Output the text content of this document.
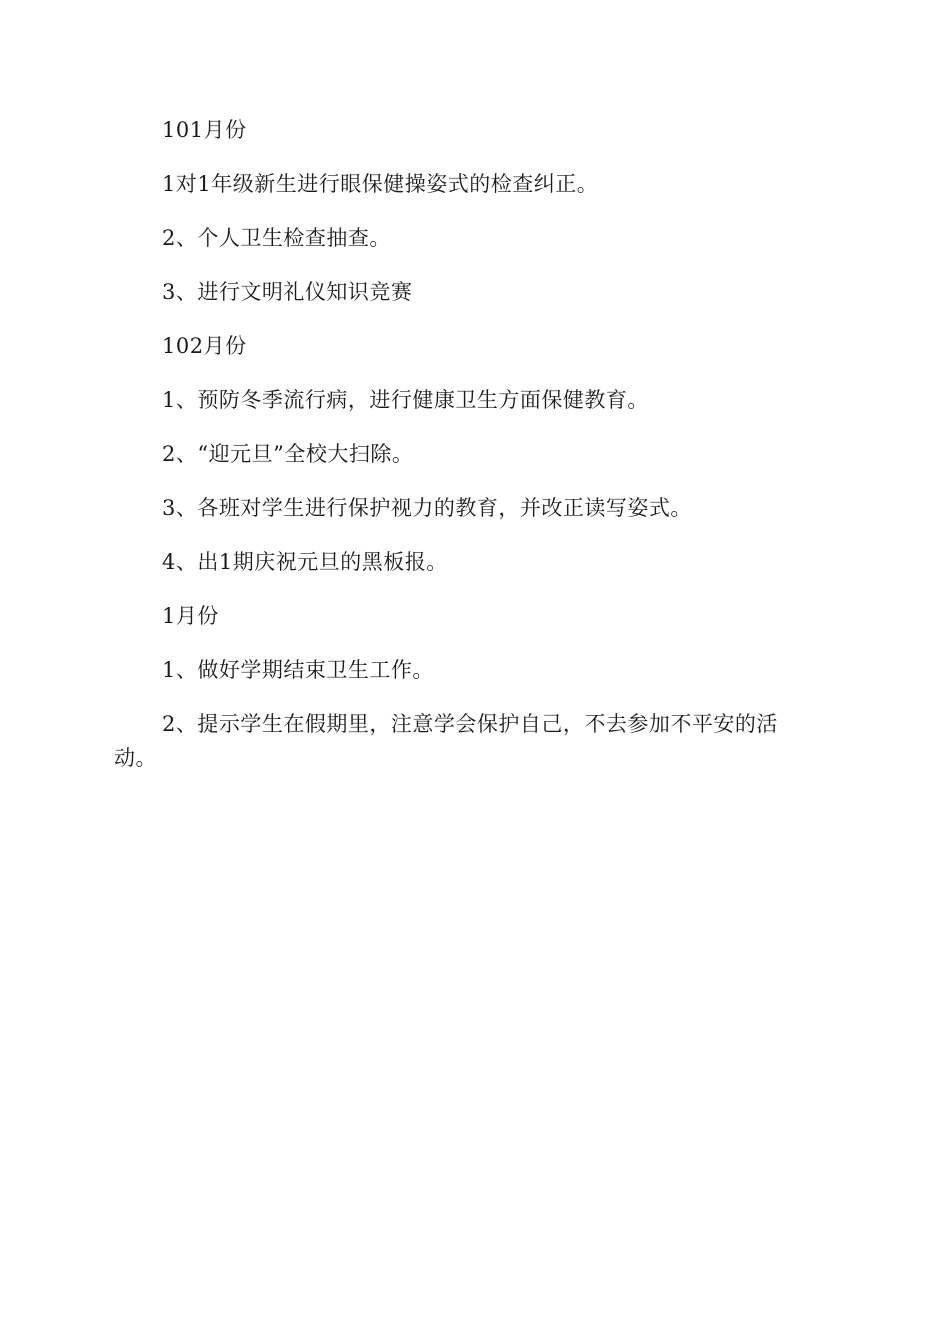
101月份

1对1年级新生进行眼保健操姿式的检查纠正。

2、个人卫生检查抽查。

3、进行文明礼仪知识竞赛

102月份

1、预防冬季流行病，进行健康卫生方面保健教育。

2、“迎元旦”全校大扫除。

3、各班对学生进行保护视力的教育，并改正读写姿式。

4、出1期庆祝元旦的黑板报。

1月份

1、做好学期结束卫生工作。

2、提示学生在假期里，注意学会保护自己，不去参加不平安的活动。
